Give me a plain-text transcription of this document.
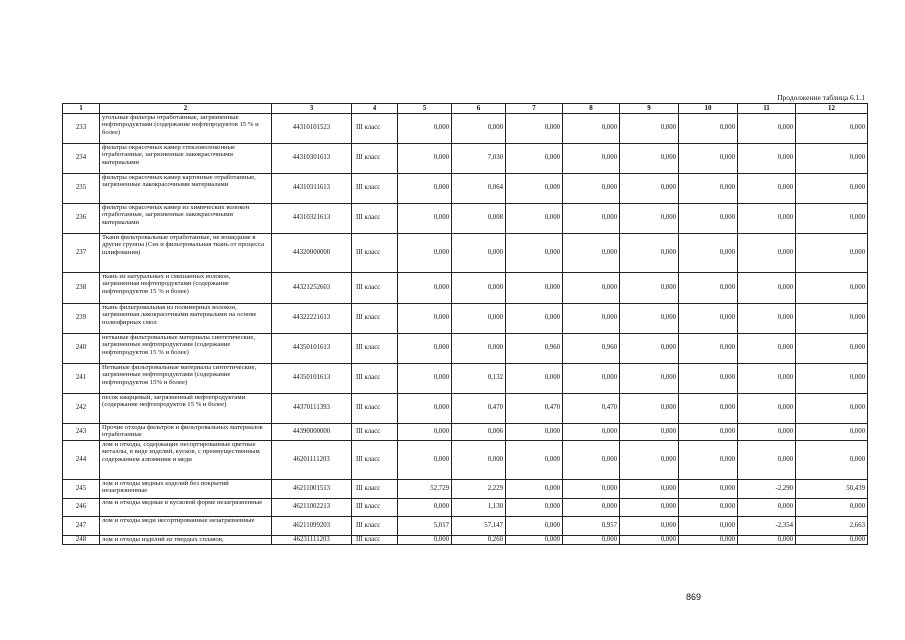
Продолжение таблица 6.1.1
1	2	3	4	5	6	7	8	9	10	11	12
233	угольные фильтры отработанные, загрязненные нефтепродуктами (содержание нефтепродуктов 15 % и более)	44310101523	III класс	0,000	0,000	0,000	0,000	0,000	0,000	0,000	0,000
234	фильтры окрасочных камер стекловолоконные отработанные, загрязненные лакокрасочными материалами	44310301613	III класс	0,000	7,030	0,000	0,000	0,000	0,000	0,000	0,000
235	фильтры окрасочных камер картонные отработанные, загрязненные лакокрасочными материалами	44310311613	III класс	0,000	0,064	0,000	0,000	0,000	0,000	0,000	0,000
236	фильтры окрасочных камер из химических волокон отработанные, загрязненные лакокрасочными материалами	44310321613	III класс	0,000	0,008	0,000	0,000	0,000	0,000	0,000	0,000
237	Ткани фильтровальные отработанные, не вошедшие в другие группы (Сиз и фильтровальная ткань от процесса шлифования)	44320000000	III класс	0,000	0,000	0,000	0,000	0,000	0,000	0,000	0,000
238	ткань из натуральных и смешанных волокон, загрязненная нефтепродуктами (содержание нефтепродуктов 15 % и более)	44321252603	III класс	0,000	0,000	0,000	0,000	0,000	0,000	0,000	0,000
239	ткань фильтровальная из полимерных волокон, загрязненная лакокрасочными материалами на основе полиэфирных смол	44322221613	III класс	0,000	0,000	0,000	0,000	0,000	0,000	0,000	0,000
240	нетканые фильтровальные материалы синтетические, загрязненные нефтепродуктами (содержание нефтепродуктов 15 % и более)	44350101613	III класс	0,000	0,000	0,960	0,960	0,000	0,000	0,000	0,000
241	Нетканые фильтровальные материалы синтетические, загрязненные нефтепродуктами (содержание нефтепродуктов 15% и более)	44350101613	III класс	0,000	0,132	0,000	0,000	0,000	0,000	0,000	0,000
242	песок кварцевый, загрязненный нефтепродуктами (содержание нефтепродуктов 15 % и более)	44370111393	III класс	0,000	0,470	0,470	0,470	0,000	0,000	0,000	0,000
243	Прочие отходы фильтров и фильтровальных материалов отработанные	44390000000	III класс	0,000	0,006	0,000	0,000	0,000	0,000	0,000	0,000
244	лом и отходы, содержащие несортированные цветные металлы, в виде изделий, кусков, с преимущественным содержанием алюминия и меди	46201111203	III класс	0,000	0,000	0,000	0,000	0,000	0,000	0,000	0,000
245	лом и отходы медных изделий без покрытий незагрязненные	46211001513	III класс	52,729	2,229	0,000	0,000	0,000	0,000	-2,290	50,439
246	лом и отходы медные в кусковой форме незагрязненные	46211002213	III класс	0,000	1,130	0,000	0,000	0,000	0,000	0,000	0,000
247	лом и отходы меди несортированные незагрязненные	46211099203	III класс	5,017	57,147	0,000	0,957	0,000	0,000	-2,354	2,663
248	лом и отходы изделий из твердых сплавов,	46231111203	III класс	0,000	0,260	0,000	0,000	0,000	0,000	0,000	0,000
869
